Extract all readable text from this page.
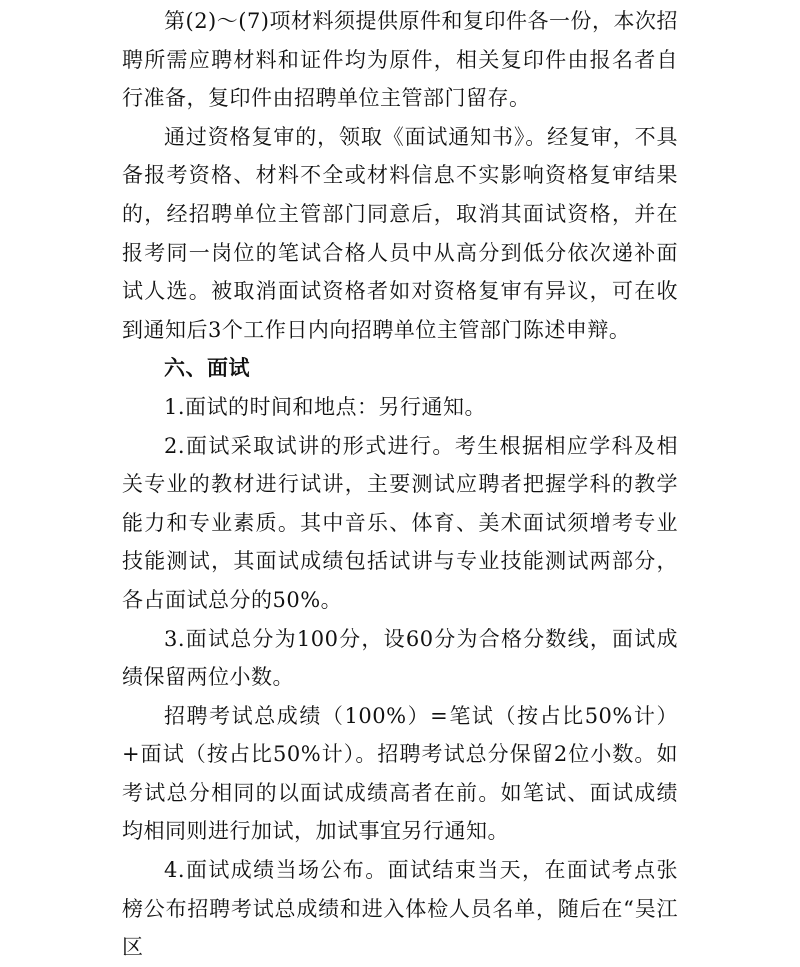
第(2)～(7)项材料须提供原件和复印件各一份，本次招聘所需应聘材料和证件均为原件，相关复印件由报名者自行准备，复印件由招聘单位主管部门留存。

通过资格复审的，领取《面试通知书》。经复审，不具备报考资格、材料不全或材料信息不实影响资格复审结果的，经招聘单位主管部门同意后，取消其面试资格，并在报考同一岗位的笔试合格人员中从高分到低分依次递补面试人选。被取消面试资格者如对资格复审有异议，可在收到通知后3个工作日内向招聘单位主管部门陈述申辩。

六、面试

1.面试的时间和地点：另行通知。

2.面试采取试讲的形式进行。考生根据相应学科及相关专业的教材进行试讲，主要测试应聘者把握学科的教学能力和专业素质。其中音乐、体育、美术面试须增考专业技能测试，其面试成绩包括试讲与专业技能测试两部分，各占面试总分的50%。

3.面试总分为100分，设60分为合格分数线，面试成绩保留两位小数。

招聘考试总成绩（100%）=笔试（按占比50%计）+面试（按占比50%计）。招聘考试总分保留2位小数。如考试总分相同的以面试成绩高者在前。如笔试、面试成绩均相同则进行加试，加试事宜另行通知。

4.面试成绩当场公布。面试结束当天，在面试考点张榜公布招聘考试总成绩和进入体检人员名单，随后在“吴江区
